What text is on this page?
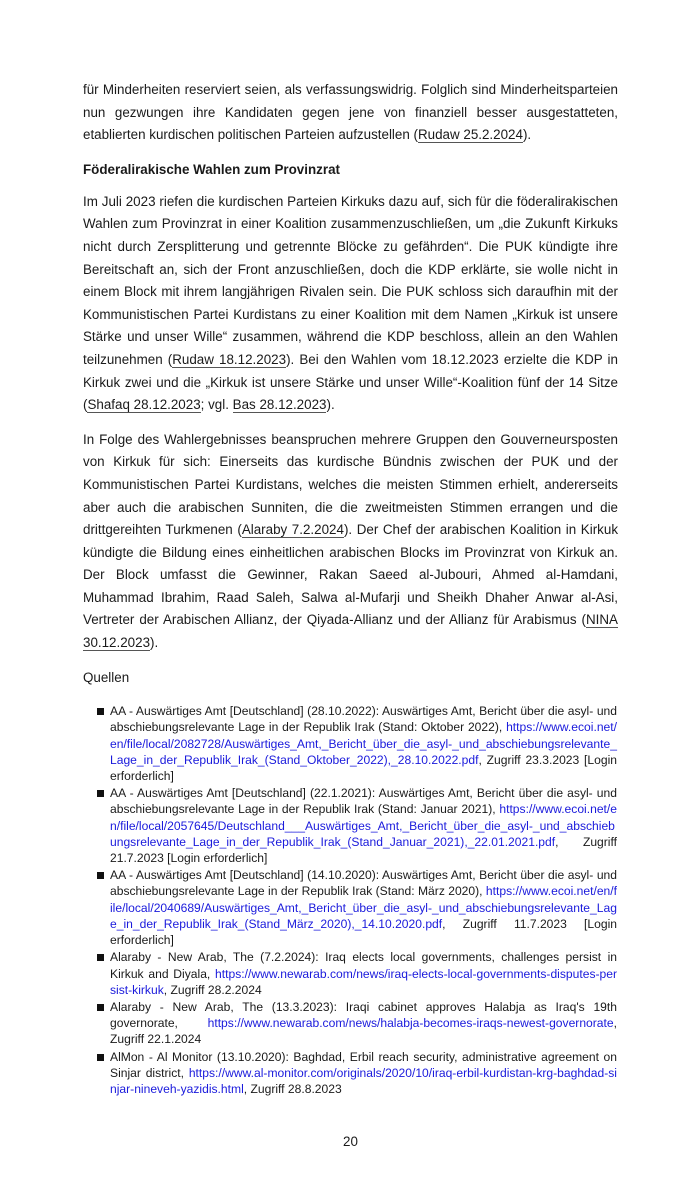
für Minderheiten reserviert seien, als verfassungswidrig. Folglich sind Minderheitsparteien nun gezwungen ihre Kandidaten gegen jene von finanziell besser ausgestatteten, etablierten kurdischen politischen Parteien aufzustellen (Rudaw 25.2.2024).

Föderalirakische Wahlen zum Provinzrat

Im Juli 2023 riefen die kurdischen Parteien Kirkuks dazu auf, sich für die föderalirakischen Wahlen zum Provinzrat in einer Koalition zusammenzuschließen, um „die Zukunft Kirkuks nicht durch Zersplitterung und getrennte Blöcke zu gefährden“. Die PUK kündigte ihre Bereitschaft an, sich der Front anzuschließen, doch die KDP erklärte, sie wolle nicht in einem Block mit ihrem langjährigen Rivalen sein. Die PUK schloss sich daraufhin mit der Kommunistischen Partei Kurdistans zu einer Koalition mit dem Namen „Kirkuk ist unsere Stärke und unser Wille“ zusammen, während die KDP beschloss, allein an den Wahlen teilzunehmen (Rudaw 18.12.2023). Bei den Wahlen vom 18.12.2023 erzielte die KDP in Kirkuk zwei und die „Kirkuk ist unsere Stärke und unser Wille“-Koalition fünf der 14 Sitze (Shafaq 28.12.2023; vgl. Bas 28.12.2023).

In Folge des Wahlergebnisses beanspruchen mehrere Gruppen den Gouverneursposten von Kirkuk für sich: Einerseits das kurdische Bündnis zwischen der PUK und der Kommunistischen Partei Kurdistans, welches die meisten Stimmen erhielt, andererseits aber auch die arabischen Sunniten, die die zweitmeisten Stimmen errangen und die drittgereihten Turkmenen (Alaraby 7.2.2024). Der Chef der arabischen Koalition in Kirkuk kündigte die Bildung eines einheitlichen arabischen Blocks im Provinzrat von Kirkuk an. Der Block umfasst die Gewinner, Rakan Saeed al-Jubouri, Ahmed al-Hamdani, Muhammad Ibrahim, Raad Saleh, Salwa al-Mufarji und Sheikh Dhaher Anwar al-Asi, Vertreter der Arabischen Allianz, der Qiyada-Allianz und der Allianz für Arabismus (NINA 30.12.2023).

Quellen

AA - Auswärtiges Amt [Deutschland] (28.10.2022): Auswärtiges Amt, Bericht über die asyl- und abschiebungsrelevante Lage in der Republik Irak (Stand: Oktober 2022), https://www.ecoi.net/en/file/local/2082728/Auswärtiges_Amt,_Bericht_über_die_asyl-_und_abschiebungsrelevante_Lage_in_der_Republik_Irak_(Stand_Oktober_2022),_28.10.2022.pdf, Zugriff 23.3.2023 [Login erforderlich]
AA - Auswärtiges Amt [Deutschland] (22.1.2021): Auswärtiges Amt, Bericht über die asyl- und abschiebungsrelevante Lage in der Republik Irak (Stand: Januar 2021), https://www.ecoi.net/en/file/local/2057645/Deutschland___Auswärtiges_Amt,_Bericht_über_die_asyl-_und_abschiebungsrelevante_Lage_in_der_Republik_Irak_(Stand_Januar_2021),_22.01.2021.pdf, Zugriff 21.7.2023 [Login erforderlich]
AA - Auswärtiges Amt [Deutschland] (14.10.2020): Auswärtiges Amt, Bericht über die asyl- und abschiebungsrelevante Lage in der Republik Irak (Stand: März 2020), https://www.ecoi.net/en/file/local/2040689/Auswärtiges_Amt,_Bericht_über_die_asyl-_und_abschiebungsrelevante_Lage_in_der_Republik_Irak_(Stand_März_2020),_14.10.2020.pdf, Zugriff 11.7.2023 [Login erforderlich]
Alaraby - New Arab, The (7.2.2024): Iraq elects local governments, challenges persist in Kirkuk and Diyala, https://www.newarab.com/news/iraq-elects-local-governments-disputes-persist-kirkuk, Zugriff 28.2.2024
Alaraby - New Arab, The (13.3.2023): Iraqi cabinet approves Halabja as Iraq's 19th governorate, https://www.newarab.com/news/halabja-becomes-iraqs-newest-governorate, Zugriff 22.1.2024
AlMon - Al Monitor (13.10.2020): Baghdad, Erbil reach security, administrative agreement on Sinjar district, https://www.al-monitor.com/originals/2020/10/iraq-erbil-kurdistan-krg-baghdad-sinjar-nineveh-yazidis.html, Zugriff 28.8.2023
20
